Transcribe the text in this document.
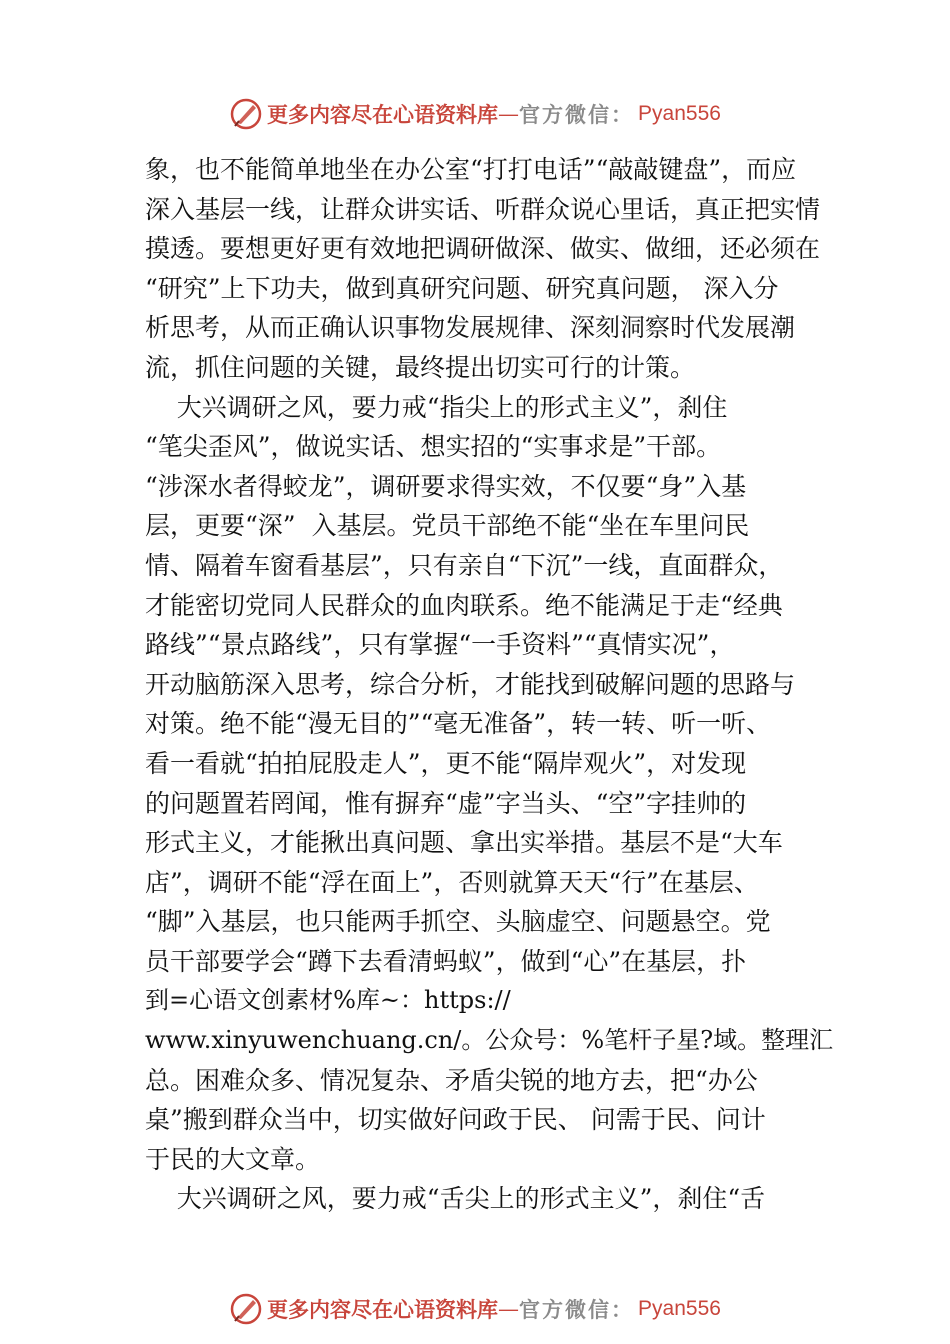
更多内容尽在心语资料库 — 官方微信： Pyan556
象，也不能简单地坐在办公室“打打电话”“敲敲键盘”，而应
深入基层一线，让群众讲实话、听群众说心里话，真正把实情
摸透。要想更好更有效地把调研做深、做实、做细，还必须在
“研究”上下功夫，做到真研究问题、研究真问题， 深入分
析思考，从而正确认识事物发展规律、深刻洞察时代发展潮
流，抓住问题的关键，最终提出切实可行的计策。
大兴调研之风，要力戒“指尖上的形式主义”，刹住
“笔尖歪风”，做说实话、想实招的“实事求是”干部。
“涉深水者得蛟龙”，调研要求得实效，不仅要“身”入基
层，更要“深”  入基层。党员干部绝不能“坐在车里问民
情、隔着车窗看基层”，只有亲自“下沉”一线，直面群众，
才能密切党同人民群众的血肉联系。绝不能满足于走“经典
路线”“景点路线”，只有掌握“一手资料”“真情实况”，
开动脑筋深入思考，综合分析，才能找到破解问题的思路与
对策。绝不能“漫无目的”“毫无准备”，转一转、听一听、
看一看就“拍拍屁股走人”，更不能“隔岸观火”，对发现
的问题置若罔闻，惟有摒弃“虚”字当头、“空”字挂帅的
形式主义，才能揪出真问题、拿出实举措。基层不是“大车
店”，调研不能“浮在面上”，否则就算天天“行”在基层、
“脚”入基层，也只能两手抓空、头脑虚空、问题悬空。党
员干部要学会“蹲下去看清蚂蚁”，做到“心”在基层，扑
到=心语文创素材%库~：https://
www.xinyuwenchuang.cn/。公众号：%笔杆子星?域。整理汇
总。困难众多、情况复杂、矛盾尖锐的地方去，把“办公
桌”搬到群众当中，切实做好问政于民、 问需于民、问计
于民的大文章。
大兴调研之风，要力戒“舌尖上的形式主义”，刹住“舌
更多内容尽在心语资料库 — 官方微信： Pyan556
